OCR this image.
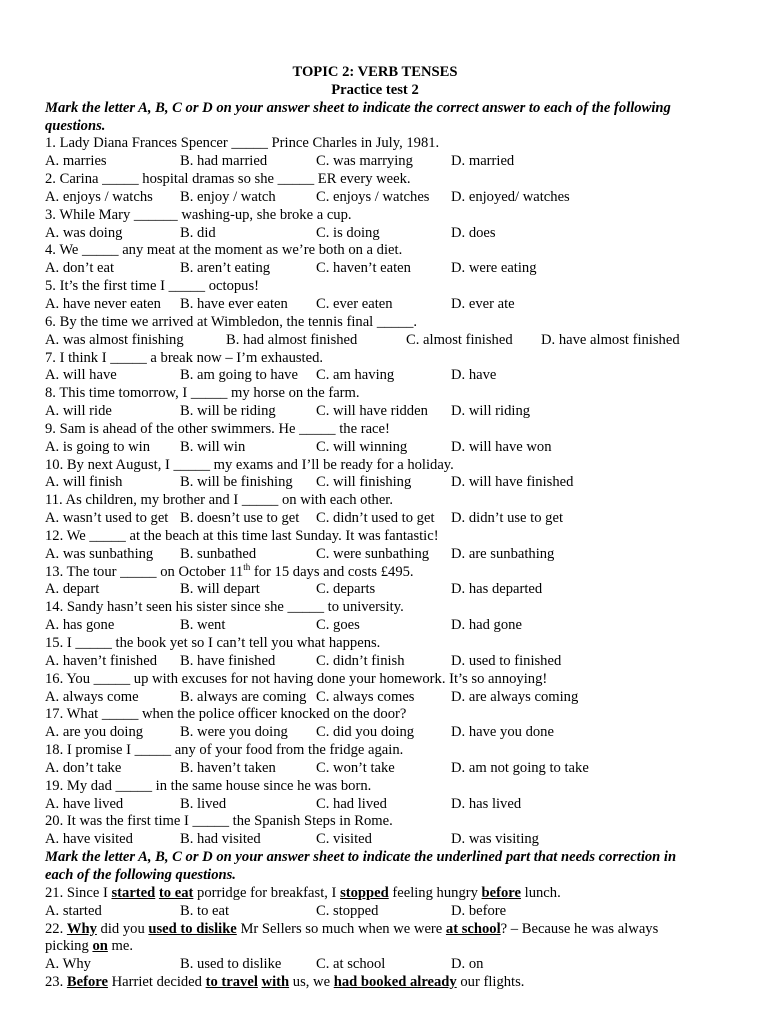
TOPIC 2: VERB TENSES
Practice test 2
Mark the letter A, B, C or D on your answer sheet to indicate the correct answer to each of the following questions.
1. Lady Diana Frances Spencer _____ Prince Charles in July, 1981.
A. marries	B. had married	C. was marrying	D. married
2. Carina _____ hospital dramas so she _____ ER every week.
A. enjoys / watchs B. enjoy / watch	C. enjoys / watches D. enjoyed/ watches
3. While Mary ______ washing-up, she broke a cup.
A. was doing	B. did	C. is doing	D. does
4. We _____ any meat at the moment as we’re both on a diet.
A. don’t eat	B. aren’t eating	C. haven’t eaten	D. were eating
5. It’s the first time I _____ octopus!
A. have never eaten B. have ever eaten C. ever eaten	D. ever ate
6. By the time we arrived at Wimbledon, the tennis final _____.
A. was almost finishing	B. had almost finished	C. almost finished D. have almost finished
7. I think I _____ a break now – I’m exhausted.
A. will have	B. am going to have C. am having	D. have
8. This time tomorrow, I _____ my horse on the farm.
A. will ride	B. will be riding	C. will have ridden D. will riding
9. Sam is ahead of the other swimmers. He _____ the race!
A. is going to win B. will win	C. will winning	D. will have won
10. By next August, I _____ my exams and I’ll be ready for a holiday.
A. will finish	B. will be finishing C. will finishing	D. will have finished
11. As children, my brother and I _____ on with each other.
A. wasn’t used to get B. doesn’t use to get C. didn’t used to get D. didn’t use to get
12. We _____ at the beach at this time last Sunday. It was fantastic!
A. was sunbathing B. sunbathed	C. were sunbathing D. are sunbathing
13. The tour _____ on October 11th for 15 days and costs £495.
A. depart	B. will depart	C. departs	D. has departed
14. Sandy hasn’t seen his sister since she _____ to university.
A. has gone	B. went	C. goes	D. had gone
15. I _____ the book yet so I can’t tell you what happens.
A. haven’t finished B. have finished	C. didn’t finish	D. used to finished
16. You _____ up with excuses for not having done your homework. It’s so annoying!
A. always come	B. always are coming C. always comes	D. are always coming
17. What _____ when the police officer knocked on the door?
A. are you doing	B. were you doing C. did you doing	D. have you done
18. I promise I _____ any of your food from the fridge again.
A. don’t take	B. haven’t taken	C. won’t take	D. am not going to take
19. My dad _____ in the same house since he was born.
A. have lived	B. lived	C. had lived	D. has lived
20. It was the first time I _____ the Spanish Steps in Rome.
A. have visited	B. had visited	C. visited	D. was visiting
Mark the letter A, B, C or D on your answer sheet to indicate the underlined part that needs correction in each of the following questions.
21. Since I started to eat porridge for breakfast, I stopped feeling hungry before lunch.
A. started	B. to eat	C. stopped	D. before
22. Why did you used to dislike Mr Sellers so much when we were at school? – Because he was always picking on me.
A. Why	B. used to dislike C. at school	D. on
23. Before Harriet decided to travel with us, we had booked already our flights.
